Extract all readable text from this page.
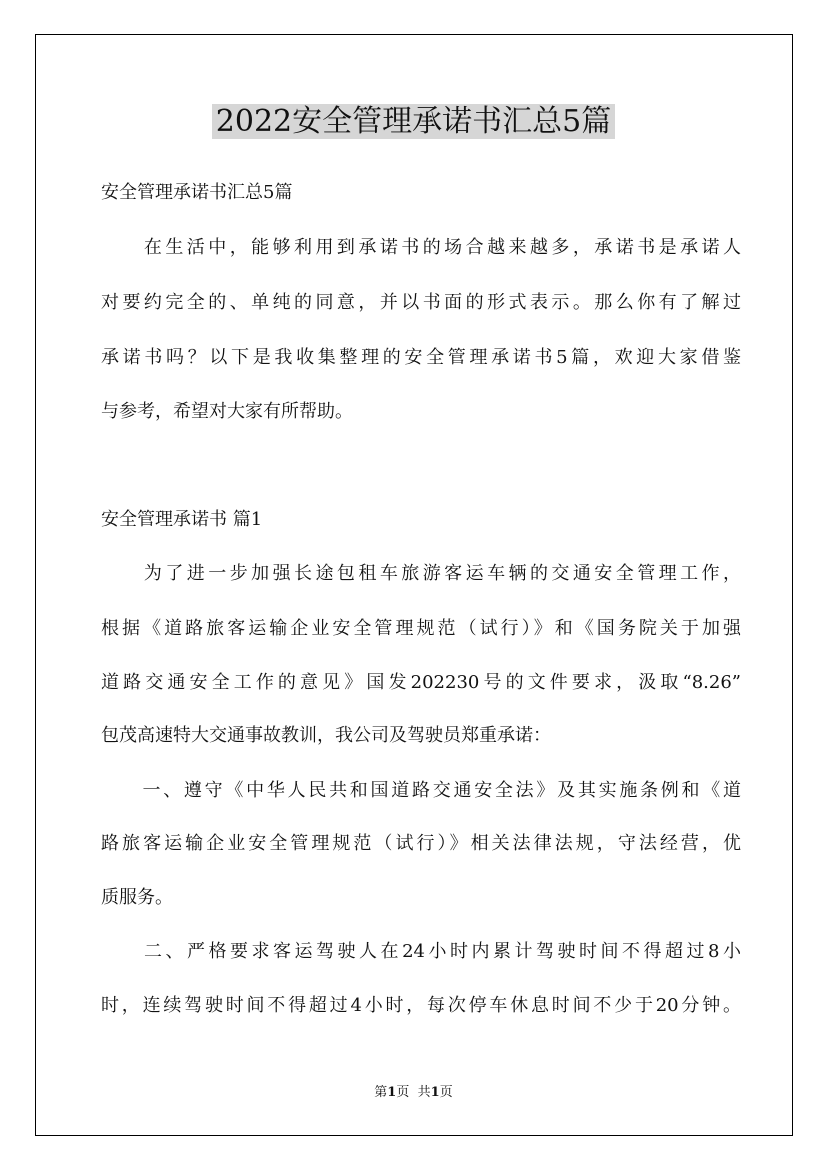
2022安全管理承诺书汇总5篇
安全管理承诺书汇总5篇
　　在生活中，能够利用到承诺书的场合越来越多，承诺书是承诺人
对要约完全的、单纯的同意，并以书面的形式表示。那么你有了解过
承诺书吗？以下是我收集整理的安全管理承诺书5篇，欢迎大家借鉴
与参考，希望对大家有所帮助。
安全管理承诺书 篇1
　　为了进一步加强长途包租车旅游客运车辆的交通安全管理工作，
根据《道路旅客运输企业安全管理规范（试行）》和《国务院关于加强
道路交通安全工作的意见》国发202230号的文件要求，汲取“8.26”
包茂高速特大交通事故教训，我公司及驾驶员郑重承诺：
　　一、遵守《中华人民共和国道路交通安全法》及其实施条例和《道
路旅客运输企业安全管理规范（试行）》相关法律法规，守法经营，优
质服务。
　　二、严格要求客运驾驶人在24小时内累计驾驶时间不得超过8小
时，连续驾驶时间不得超过4小时，每次停车休息时间不少于20分钟。
第1页 共1页
